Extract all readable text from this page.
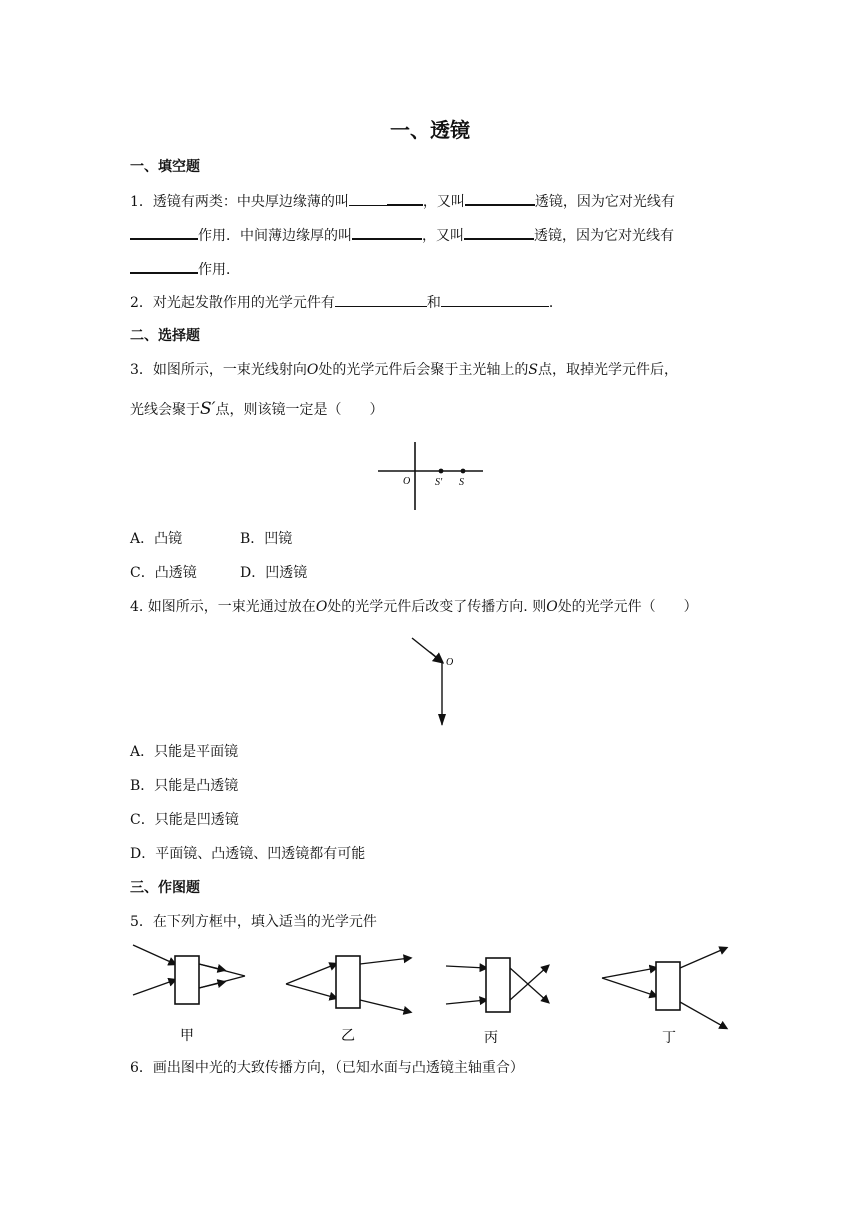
一、透镜
一、填空题
1．透镜有两类：中央厚边缘薄的叫	，又叫	透镜，因为它对光线有
作用．中间薄边缘厚的叫	，又叫	透镜，因为它对光线有
作用．
2．对光起发散作用的光学元件有	和	．
二、选择题
3．如图所示，一束光线射向O处的光学元件后会聚于主光轴上的S点，取掉光学元件后，
光线会聚于S′点，则该镜一定是（　　）
O S′ S
A．凸镜	B．凹镜
C．凸透镜	D．凹透镜
4. 如图所示，一束光通过放在O处的光学元件后改变了传播方向. 则O处的光学元件（　　）
O
A．只能是平面镜
B．只能是凸透镜
C．只能是凹透镜
D．平面镜、凸透镜、凹透镜都有可能
三、作图题
5．在下列方框中，填入适当的光学元件
甲	乙	丙	丁
6．画出图中光的大致传播方向，（已知水面与凸透镜主轴重合）
